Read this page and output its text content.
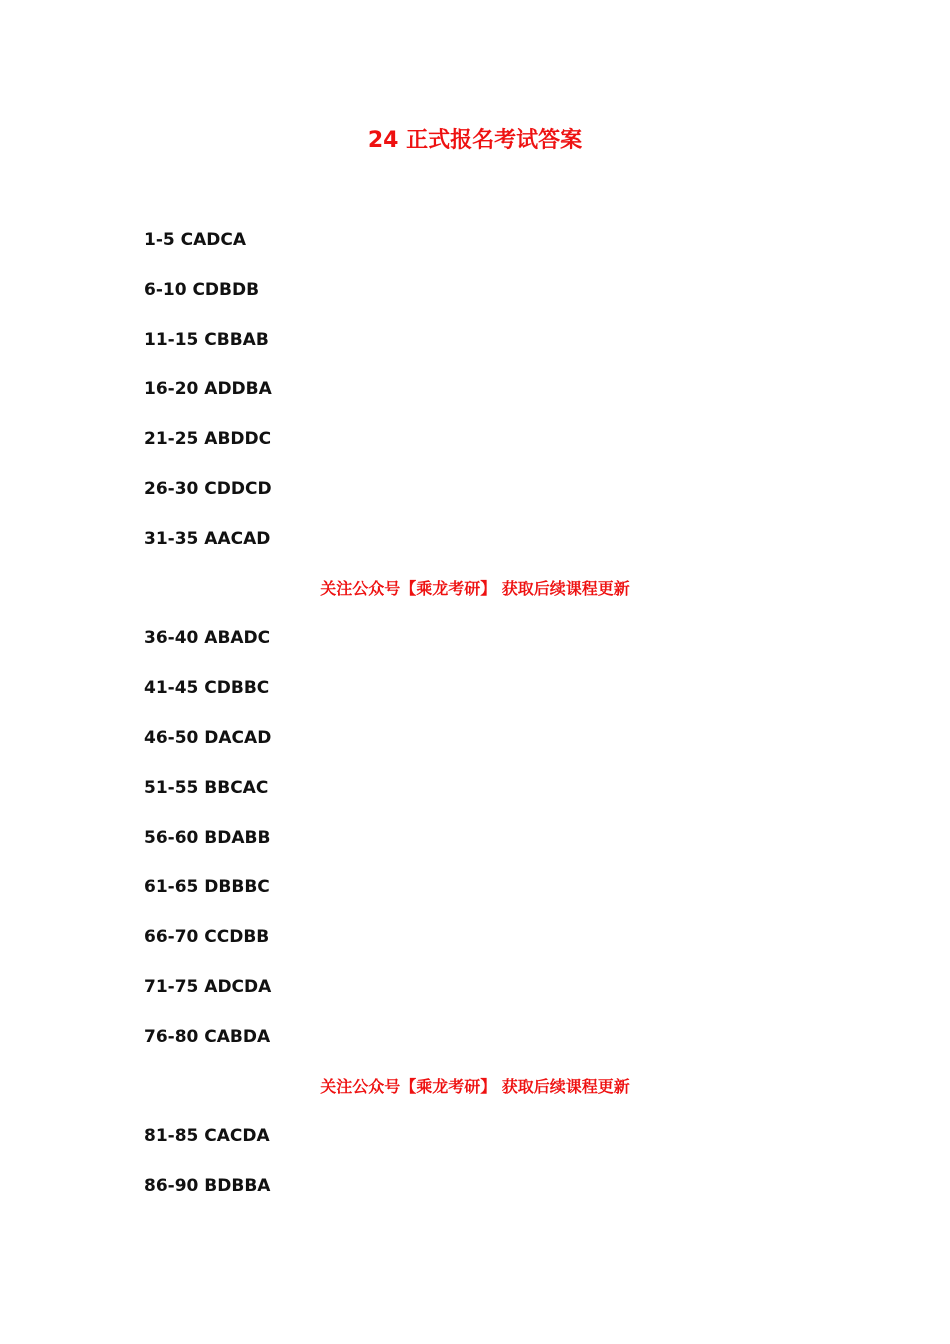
24 正式报名考试答案
1-5 CADCA
6-10 CDBDB
11-15 CBBAB
16-20 ADDBA
21-25 ABDDC
26-30 CDDCD
31-35 AACAD
关注公众号【乘龙考研】 获取后续课程更新
36-40 ABADC
41-45 CDBBC
46-50 DACAD
51-55 BBCAC
56-60 BDABB
61-65 DBBBC
66-70 CCDBB
71-75 ADCDA
76-80 CABDA
关注公众号【乘龙考研】 获取后续课程更新
81-85 CACDA
86-90 BDBBA
